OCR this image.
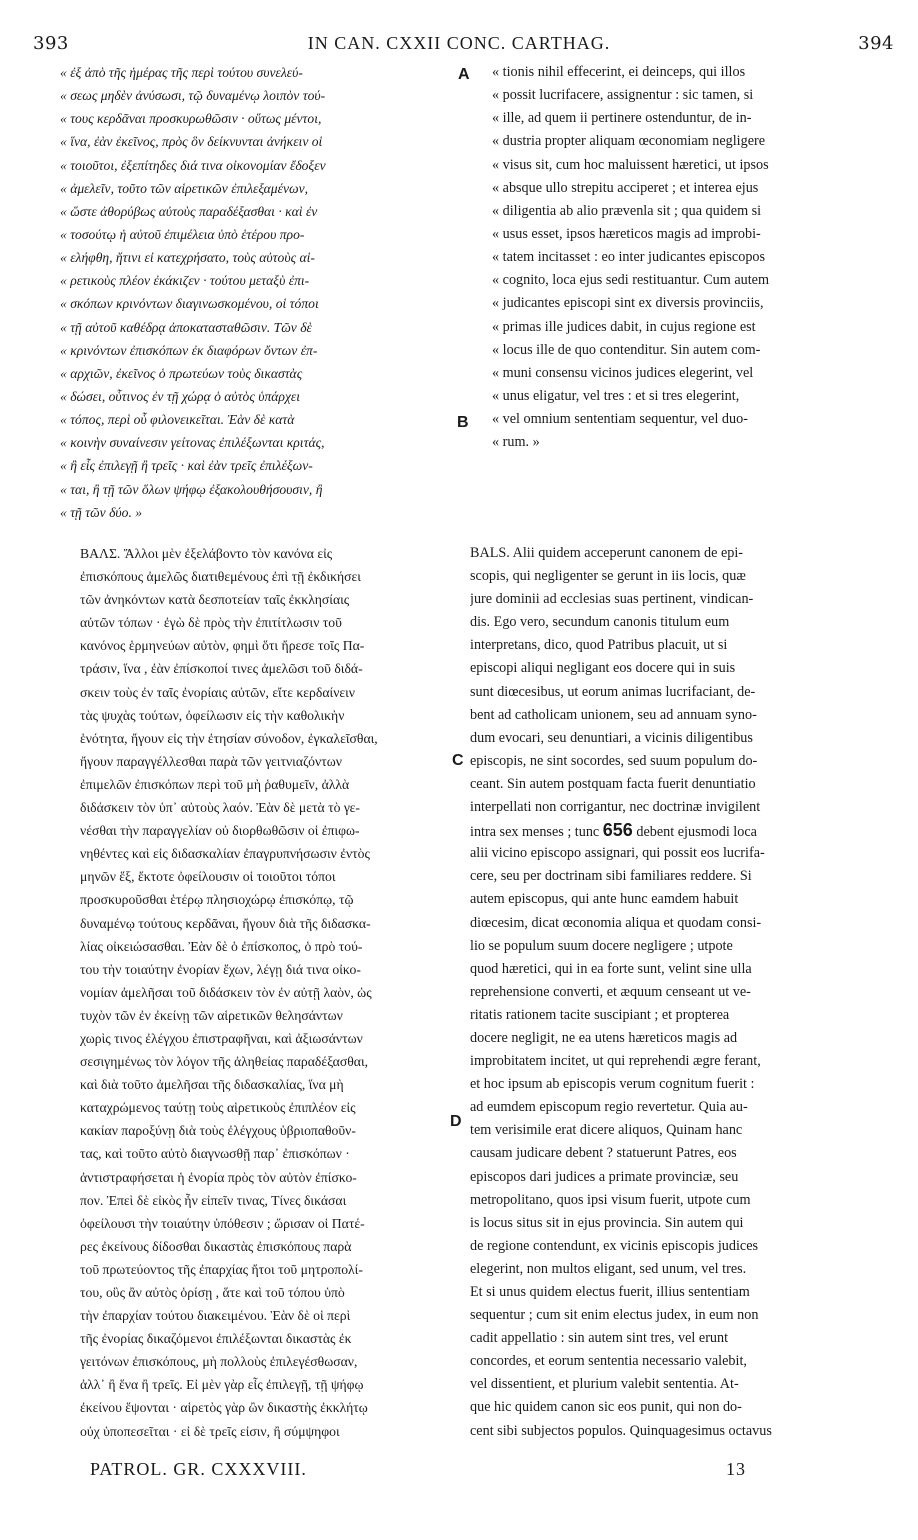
393	IN CAN. CXXII CONC. CARTHAG.	394
« ἐξ ἀπὸ τῆς ἡμέρας τῆς περὶ τούτου συνελεύ-
« σεως μηδὲν ἀνύσωσι, τῷ δυναμένῳ λοιπὸν τού-
« τους κερδᾶναι προσκυρωθῶσιν · οὕτως μέντοι,
« ἵνα, ἐὰν ἐκεῖνος, πρὸς ὃν δείκνυνται ἀνήκειν οἱ
« τοιοῦτοι, ἐξεπίτηδες διά τινα οἰκονομίαν ἔδοξεν
« ἀμελεῖν, τοῦτο τῶν αἱρετικῶν ἐπιλεξαμένων,
« ὥστε ἀθορύβως αὐτοὺς παραδέξασθαι · καὶ ἐν
« τοσούτῳ ἡ αὐτοῦ ἐπιμέλεια ὑπὸ ἑτέρου προ-
« ελήφθη, ἥτινι εἰ κατεχρήσατο, τοὺς αὐτοὺς αἱ-
« ρετικοὺς πλέον ἐκάκιζεν · τούτου μεταξὺ ἐπι-
« σκόπων κρινόντων διαγινωσκομένου, οἱ τόποι
« τῇ αὐτοῦ καθέδρᾳ ἀποκατασταθῶσιν. Τῶν δὲ
« κρινόντων ἐπισκόπων ἐκ διαφόρων ὄντων ἐπ-
« αρχιῶν, ἐκεῖνος ὁ πρωτεύων τοὺς δικαστὰς
« δώσει, οὗτινος ἐν τῇ χώρᾳ ὁ αὐτὸς ὑπάρχει
« τόπος, περὶ οὗ φιλονεικεῖται. Ἐὰν δὲ κατὰ
« κοινὴν συναίνεσιν γείτονας ἐπιλέξωνται κριτάς,
« ἢ εἷς ἐπιλεγῇ ἢ τρεῖς · καὶ ἐὰν τρεῖς ἐπιλέξων-
« ται, ἢ τῇ τῶν ὅλων ψήφῳ ἐξακολουθήσουσιν, ἢ
« τῇ τῶν δύο. »
« tionis nihil effecerint, ei deinceps, qui illos
« possit lucrifacere, assignentur : sic tamen, si
« ille, ad quem ii pertinere ostenduntur, de in-
« dustria propter aliquam œconomiam negligere
« visus sit, cum hoc maluissent hæretici, ut ipsos
« absque ullo strepitu acciperet ; et interea ejus
« diligentia ab alio prævenla sit ; qua quidem si
« usus esset, ipsos hæreticos magis ad improbi-
« tatem incitasset : eo inter judicantes episcopos
« cognito, loca ejus sedi restituantur. Cum autem
« judicantes episcopi sint ex diversis provinciis,
« primas ille judices dabit, in cujus regione est
« locus ille de quo contenditur. Sin autem com-
« muni consensu vicinos judices elegerint, vel
« unus eligatur, vel tres : et si tres elegerint,
« vel omnium sententiam sequentur, vel duo-
« rum. »
ΒΑΛΣ. Ἄλλοι μὲν ἐξελάβοντο τὸν κανόνα εἰς
ἐπισκόπους ἀμελῶς διατιθεμένους ἐπὶ τῇ ἐκδικήσει
τῶν ἀνηκόντων κατὰ δεσποτείαν ταῖς ἐκκλησίαις
αὐτῶν τόπων · ἐγὼ δὲ πρὸς τὴν ἐπιτίτλωσιν τοῦ
κανόνος ἑρμηνεύων αὐτὸν, φημὶ ὅτι ἤρεσε τοῖς Πα-
τράσιν, ἵνα , ἐὰν ἐπίσκοποί τινες ἀμελῶσι τοῦ διδά-
σκειν τοὺς ἐν ταῖς ἐνορίαις αὐτῶν, εἴτε κερδαίνειν
τὰς ψυχὰς τούτων, ὀφείλωσιν εἰς τὴν καθολικὴν
ἑνότητα, ἤγουν εἰς τὴν ἐτησίαν σύνοδον, ἐγκαλεῖσθαι,
ἤγουν παραγγέλλεσθαι παρὰ τῶν γειτνιαζόντων
ἐπιμελῶν ἐπισκόπων περὶ τοῦ μὴ ῥαθυμεῖν, ἀλλὰ
διδάσκειν τὸν ὑπ᾽ αὐτοὺς λαόν. Ἐὰν δὲ μετὰ τὸ γε-
νέσθαι τὴν παραγγελίαν οὐ διορθωθῶσιν οἱ ἐπιφω-
νηθέντες καὶ εἰς διδασκαλίαν ἐπαγρυπνήσωσιν ἐντὸς
μηνῶν ἕξ, ἔκτοτε ὀφείλουσιν οἱ τοιοῦτοι τόποι
προσκυροῦσθαι ἑτέρῳ πλησιοχώρῳ ἐπισκόπῳ, τῷ
δυναμένῳ τούτους κερδᾶναι, ἤγουν διὰ τῆς διδασκα-
λίας οἰκειώσασθαι. Ἐὰν δὲ ὁ ἐπίσκοπος, ὁ πρὸ τού-
του τὴν τοιαύτην ἐνορίαν ἔχων, λέγῃ διά τινα οἰκο-
νομίαν ἀμελῆσαι τοῦ διδάσκειν τὸν ἐν αὐτῇ λαὸν, ὡς
τυχὸν τῶν ἐν ἐκείνῃ τῶν αἱρετικῶν θελησάντων
χωρὶς τινος ἐλέγχου ἐπιστραφῆναι, καὶ ἀξιωσάντων
σεσιγημένως τὸν λόγον τῆς ἀληθείας παραδέξασθαι,
καὶ διὰ τοῦτο ἀμελῆσαι τῆς διδασκαλίας, ἵνα μὴ
καταχρώμενος ταύτῃ τοὺς αἱρετικοὺς ἐπιπλέον εἰς
κακίαν παροξύνῃ διὰ τοὺς ἐλέγχους ὑβριοπαθοῦν-
τας, καὶ τοῦτο αὐτὸ διαγνωσθῇ παρ᾽ ἐπισκόπων ·
ἀντιστραφήσεται ἡ ἐνορία πρὸς τὸν αὐτὸν ἐπίσκο-
πον. Ἐπεὶ δὲ εἰκὸς ἦν εἰπεῖν τινας, Τίνες δικάσαι
ὀφείλουσι τὴν τοιαύτην ὑπόθεσιν ; ὥρισαν οἱ Πατέ-
ρες ἐκείνους δίδοσθαι δικαστὰς ἐπισκόπους παρὰ
τοῦ πρωτεύοντος τῆς ἐπαρχίας ἤτοι τοῦ μητροπολί-
του, οὓς ἂν αὐτὸς ὁρίσῃ , ἅτε καὶ τοῦ τόπου ὑπὸ
τὴν ἐπαρχίαν τούτου διακειμένου. Ἐὰν δὲ οἱ περὶ
τῆς ἐνορίας δικαζόμενοι ἐπιλέξωνται δικαστὰς ἐκ
γειτόνων ἐπισκόπους, μὴ πολλοὺς ἐπιλεγέσθωσαν,
ἀλλ᾽ ἢ ἕνα ἢ τρεῖς. Εἰ μὲν γὰρ εἷς ἐπιλεγῇ, τῇ ψήφῳ
ἐκείνου ἕψονται · αἱρετὸς γὰρ ὢν δικαστὴς ἐκκλήτῳ
οὐχ ὑποπεσεῖται · εἰ δὲ τρεῖς εἰσιν, ἢ σύμψηφοι
BALS. Alii quidem acceperunt canonem de epi-
scopis, qui negligenter se gerunt in iis locis, quæ
jure dominii ad ecclesias suas pertinent, vindican-
dis. Ego vero, secundum canonis titulum eum
interpretans, dico, quod Patribus placuit, ut si
episcopi aliqui negligant eos docere qui in suis
sunt diœcesibus, ut eorum animas lucrifaciant, de-
bent ad catholicam unionem, seu ad annuam syno-
dum evocari, seu denuntiari, a vicinis diligentibus
episcopis, ne sint socordes, sed suum populum do-
ceant. Sin autem postquam facta fuerit denuntiatio
interpellati non corrigantur, nec doctrinæ invigilent
intra sex menses ; tunc 656 debent ejusmodi loca
alii vicino episcopo assignari, qui possit eos lucrifa-
cere, seu per doctrinam sibi familiares reddere. Si
autem episcopus, qui ante hunc eamdem habuit
diœcesim, dicat œconomia aliqua et quodam consi-
lio se populum suum docere negligere ; utpote
quod hæretici, qui in ea forte sunt, velint sine ulla
reprehensione converti, et æquum censeant ut ve-
ritatis rationem tacite suscipiant ; et propterea
docere negligit, ne ea utens hæreticos magis ad
improbitatem incitet, ut qui reprehendi ægre ferant,
et hoc ipsum ab episcopis verum cognitum fuerit :
ad eumdem episcopum regio revertetur. Quia au-
tem verisimile erat dicere aliquos, Quinam hanc
causam judicare debent ? statuerunt Patres, eos
episcopos dari judices a primate provinciæ, seu
metropolitano, quos ipsi visum fuerit, utpote cum
is locus situs sit in ejus provincia. Sin autem qui
de regione contendunt, ex vicinis episcopis judices
elegerint, non multos eligant, sed unum, vel tres.
Et si unus quidem electus fuerit, illius sententiam
sequentur ; cum sit enim electus judex, in eum non
cadit appellatio : sin autem sint tres, vel erunt
concordes, et eorum sententia necessario valebit,
vel dissentient, et plurium valebit sententia. At-
que hic quidem canon sic eos punit, qui non do-
cent sibi subjectos populos. Quinquagesimus octavus
A
B
C
D
PATROL. GR. CXXXVIII.	13
